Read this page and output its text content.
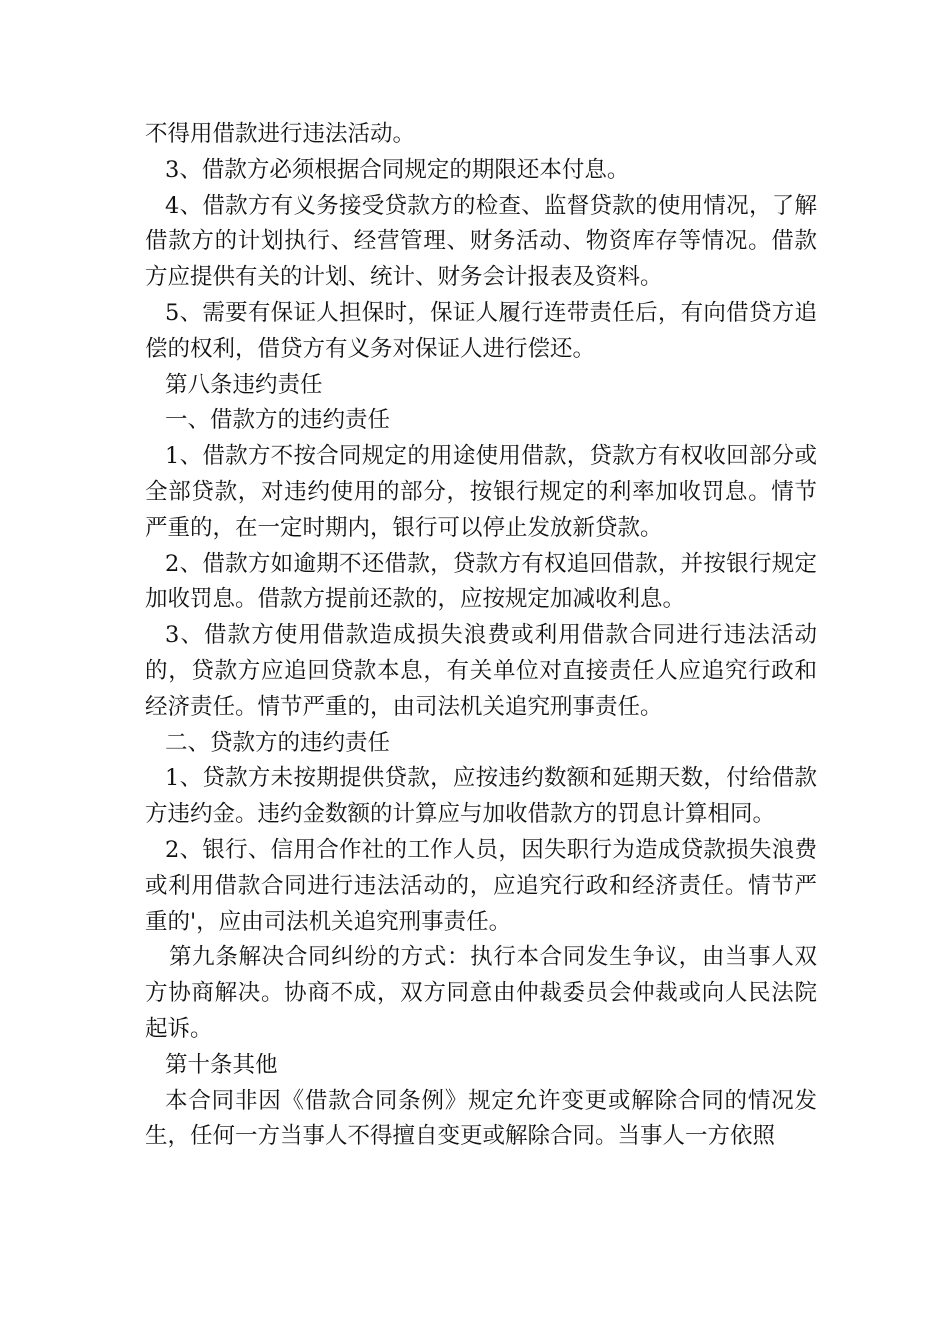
不得用借款进行违法活动。

3、借款方必须根据合同规定的期限还本付息。

4、借款方有义务接受贷款方的检查、监督贷款的使用情况，了解借款方的计划执行、经营管理、财务活动、物资库存等情况。借款方应提供有关的计划、统计、财务会计报表及资料。

5、需要有保证人担保时，保证人履行连带责任后，有向借贷方追偿的权利，借贷方有义务对保证人进行偿还。

第八条违约责任

一、借款方的违约责任

1、借款方不按合同规定的用途使用借款，贷款方有权收回部分或全部贷款，对违约使用的部分，按银行规定的利率加收罚息。情节严重的，在一定时期内，银行可以停止发放新贷款。

2、借款方如逾期不还借款，贷款方有权追回借款，并按银行规定加收罚息。借款方提前还款的，应按规定加减收利息。

3、借款方使用借款造成损失浪费或利用借款合同进行违法活动的，贷款方应追回贷款本息，有关单位对直接责任人应追究行政和经济责任。情节严重的，由司法机关追究刑事责任。

二、贷款方的违约责任

1、贷款方未按期提供贷款，应按违约数额和延期天数，付给借款方违约金。违约金数额的计算应与加收借款方的罚息计算相同。

2、银行、信用合作社的工作人员，因失职行为造成贷款损失浪费或利用借款合同进行违法活动的，应追究行政和经济责任。情节严重的'，应由司法机关追究刑事责任。

第九条解决合同纠纷的方式：执行本合同发生争议，由当事人双方协商解决。协商不成，双方同意由仲裁委员会仲裁或向人民法院起诉。

第十条其他

本合同非因《借款合同条例》规定允许变更或解除合同的情况发生，任何一方当事人不得擅自变更或解除合同。当事人一方依照
